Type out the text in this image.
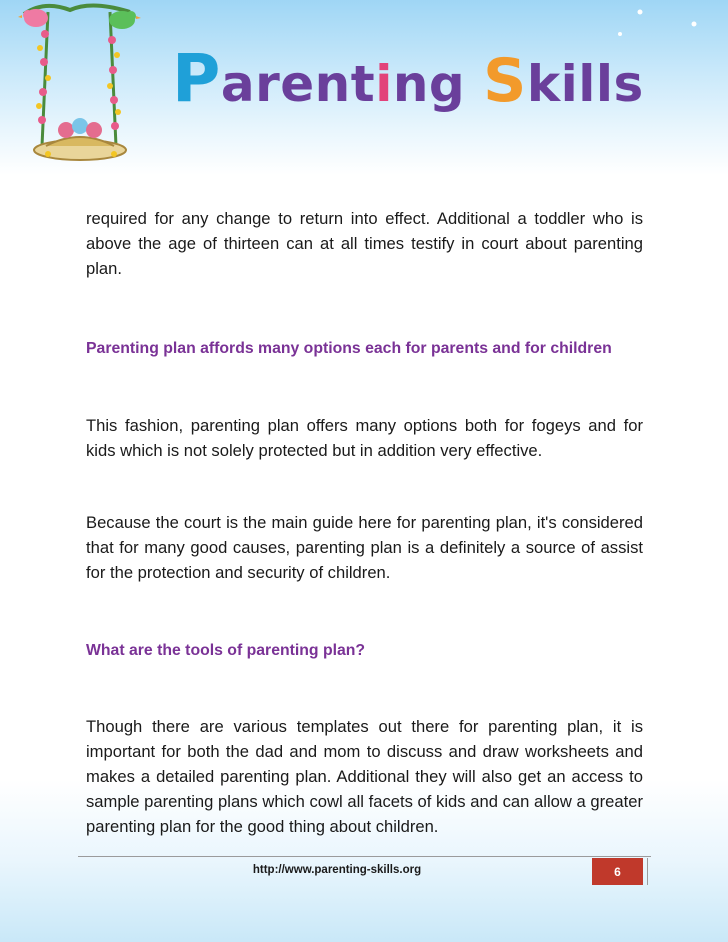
Parenting Skills

required for any change to return into effect. Additional a toddler who is above the age of thirteen can at all times testify in court about parenting plan.

Parenting plan affords many options each for parents and for children

This fashion, parenting plan offers many options both for fogeys and for kids which is not solely protected but in addition very effective.

Because the court is the main guide here for parenting plan, it's considered that for many good causes, parenting plan is a definitely a source of assist for the protection and security of children.

What are the tools of parenting plan?

Though there are various templates out there for parenting plan, it is important for both the dad and mom to discuss and draw worksheets and makes a detailed parenting plan. Additional they will also get an access to sample parenting plans which cowl all facets of kids and can allow a greater parenting plan for the good thing about children.

http://www.parenting-skills.org	6
